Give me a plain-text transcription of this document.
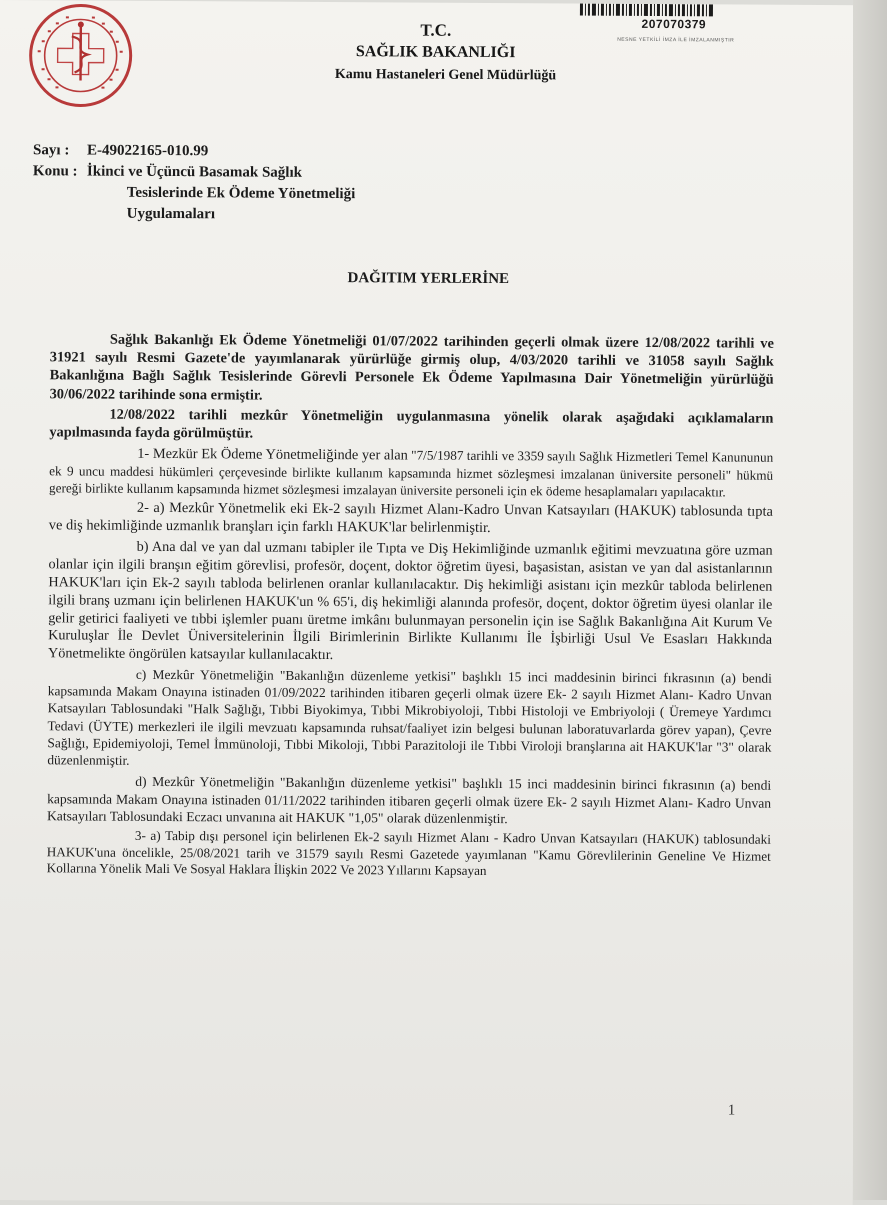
T.C.
SAĞLIK BAKANLIĞI
Kamu Hastaneleri Genel Müdürlüğü
207070379
NESNE YETKİLİ İMZA İLE İMZALANMIŞTIR
Sayı :	E-49022165-010.99
Konu : İkinci ve Üçüncü Basamak Sağlık
Tesislerinde Ek Ödeme Yönetmeliği
Uygulamaları
DAĞITIM YERLERİNE

Sağlık Bakanlığı Ek Ödeme Yönetmeliği 01/07/2022 tarihinden geçerli olmak üzere 12/08/2022 tarihli ve 31921 sayılı Resmi Gazete'de yayımlanarak yürürlüğe girmiş olup, 4/03/2020 tarihli ve 31058 sayılı Sağlık Bakanlığına Bağlı Sağlık Tesislerinde Görevli Personele Ek Ödeme Yapılmasına Dair Yönetmeliğin yürürlüğü 30/06/2022 tarihinde sona ermiştir.

12/08/2022 tarihli mezkûr Yönetmeliğin uygulanmasına yönelik olarak aşağıdaki açıklamaların yapılmasında fayda görülmüştür.

1- Mezkür Ek Ödeme Yönetmeliğinde yer alan "7/5/1987 tarihli ve 3359 sayılı Sağlık Hizmetleri Temel Kanununun ek 9 uncu maddesi hükümleri çerçevesinde birlikte kullanım kapsamında hizmet sözleşmesi imzalanan üniversite personeli" hükmü gereği birlikte kullanım kapsamında hizmet sözleşmesi imzalayan üniversite personeli için ek ödeme hesaplamaları yapılacaktır.

2- a) Mezkûr Yönetmelik eki Ek-2 sayılı Hizmet Alanı-Kadro Unvan Katsayıları (HAKUK) tablosunda tıpta ve diş hekimliğinde uzmanlık branşları için farklı HAKUK'lar belirlenmiştir.

b) Ana dal ve yan dal uzmanı tabipler ile Tıpta ve Diş Hekimliğinde uzmanlık eğitimi mevzuatına göre uzman olanlar için ilgili branşın eğitim görevlisi, profesör, doçent, doktor öğretim üyesi, başasistan, asistan ve yan dal asistanlarının HAKUK'ları için Ek-2 sayılı tabloda belirlenen oranlar kullanılacaktır. Diş hekimliği asistanı için mezkûr tabloda belirlenen ilgili branş uzmanı için belirlenen HAKUK'un % 65'i, diş hekimliği alanında profesör, doçent, doktor öğretim üyesi olanlar ile gelir getirici faaliyeti ve tıbbi işlemler puanı üretme imkânı bulunmayan personelin için ise Sağlık Bakanlığına Ait Kurum Ve Kuruluşlar İle Devlet Üniversitelerinin İlgili Birimlerinin Birlikte Kullanımı İle İşbirliği Usul Ve Esasları Hakkında Yönetmelikte öngörülen katsayılar kullanılacaktır.

c) Mezkûr Yönetmeliğin "Bakanlığın düzenleme yetkisi" başlıklı 15 inci maddesinin birinci fıkrasının (a) bendi kapsamında Makam Onayına istinaden 01/09/2022 tarihinden itibaren geçerli olmak üzere Ek- 2 sayılı Hizmet Alanı- Kadro Unvan Katsayıları Tablosundaki "Halk Sağlığı, Tıbbi Biyokimya, Tıbbi Mikrobiyoloji, Tıbbi Histoloji ve Embriyoloji ( Üremeye Yardımcı Tedavi (ÜYTE) merkezleri ile ilgili mevzuatı kapsamında ruhsat/faaliyet izin belgesi bulunan laboratuvarlarda görev yapan), Çevre Sağlığı, Epidemiyoloji, Temel İmmünoloji, Tıbbi Mikoloji, Tıbbi Parazitoloji ile Tıbbi Viroloji branşlarına ait HAKUK'lar "3" olarak düzenlenmiştir.

d) Mezkûr Yönetmeliğin "Bakanlığın düzenleme yetkisi" başlıklı 15 inci maddesinin birinci fıkrasının (a) bendi kapsamında Makam Onayına istinaden 01/11/2022 tarihinden itibaren geçerli olmak üzere Ek- 2 sayılı Hizmet Alanı- Kadro Unvan Katsayıları Tablosundaki Eczacı unvanına ait HAKUK "1,05" olarak düzenlenmiştir.

3- a) Tabip dışı personel için belirlenen Ek-2 sayılı Hizmet Alanı - Kadro Unvan Katsayıları (HAKUK) tablosundaki HAKUK'una öncelikle, 25/08/2021 tarih ve 31579 sayılı Resmi Gazetede yayımlanan "Kamu Görevlilerinin Geneline Ve Hizmet Kollarına Yönelik Mali Ve Sosyal Haklara İlişkin 2022 Ve 2023 Yıllarını Kapsayan

1
